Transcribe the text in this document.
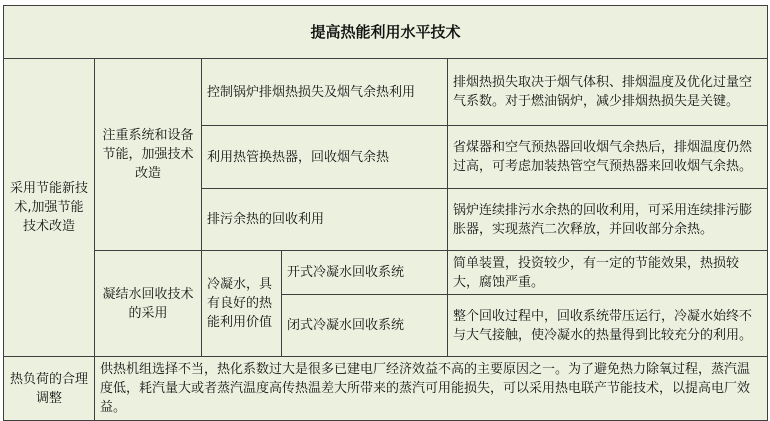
提高热能利用水平技术				
采用节能新技术,加强节能技术改造	注重系统和设备节能，加强技术改造	控制锅炉排烟热损失及烟气余热利用		排烟热损失取决于烟气体积、排烟温度及优化过量空气系数。对于燃油锅炉，减少排烟热损失是关键。
		利用热管换热器，回收烟气余热		省煤器和空气预热器回收烟气余热后，排烟温度仍然过高，可考虑加装热管空气预热器来回收烟气余热。
		排污余热的回收利用		锅炉连续排污水余热的回收利用，可采用连续排污膨胀器，实现蒸汽二次释放，并回收部分余热。
	凝结水回收技术的采用	冷凝水，具有良好的热能利用价值	开式冷凝水回收系统	简单装置，投资较少，有一定的节能效果，热损较大，腐蚀严重。
			闭式冷凝水回收系统	整个回收过程中，回收系统带压运行，冷凝水始终不与大气接触，使冷凝水的热量得到比较充分的利用。
热负荷的合理调整	供热机组选择不当，热化系数过大是很多已建电厂经济效益不高的主要原因之一。为了避免热力除氧过程，蒸汽温度低，耗汽量大或者蒸汽温度高传热温差大所带来的蒸汽可用能损失，可以采用热电联产节能技术，以提高电厂效益。			
